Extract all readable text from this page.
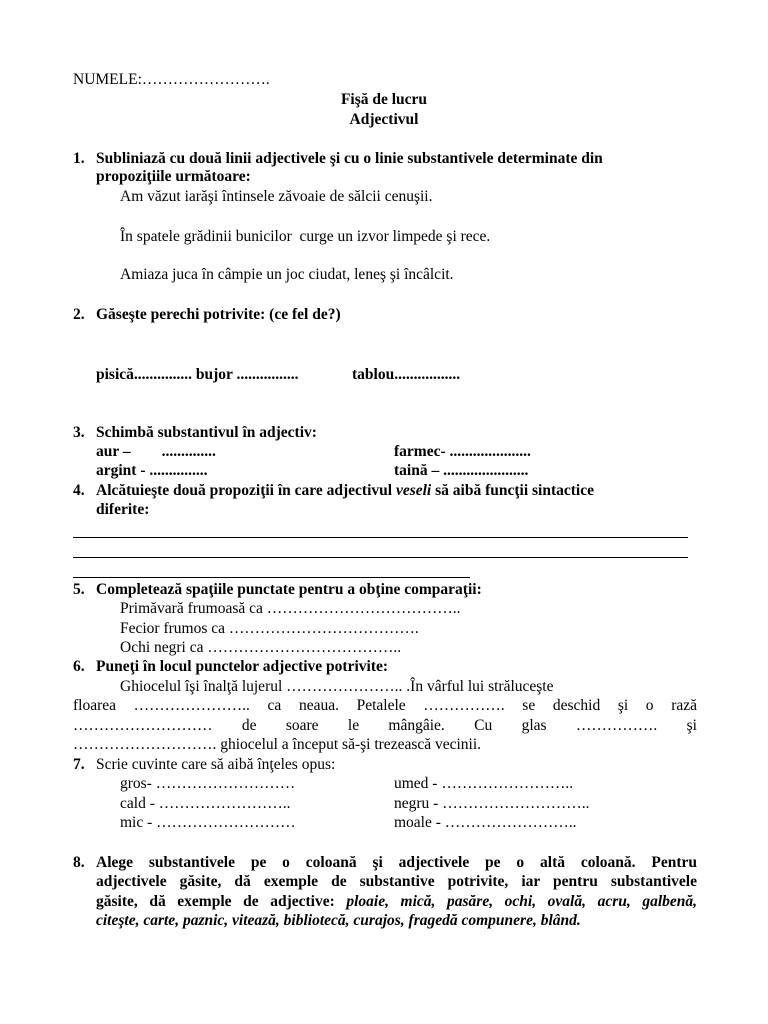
NUMELE:…………………….
Fişă de lucru
Adjectivul
1. Subliniază cu două linii adjectivele şi cu o linie substantivele determinate din
propoziţiile următoare:
Am văzut iarăşi întinsele zăvoaie de sălcii cenuşii.
În spatele grădinii bunicilor  curge un izvor limpede şi rece.
Amiaza juca în câmpie un joc ciudat, leneş şi încâlcit.
2. Găseşte perechi potrivite: (ce fel de?)
pisică............... bujor ................	tablou.................
3. Schimbă substantivul în adjectiv:
aur –        ..............	farmec- .....................
argint - ...............	taină – ......................
4. Alcătuieşte două propoziţii în care adjectivul veseli să aibă funcţii sintactice
diferite:
5. Completează spaţiile punctate pentru a obţine comparaţii:
Primăvară frumoasă ca ………………………………..
Fecior frumos ca ……………………………….
Ochi negri ca ………………………………..
6. Puneţi în locul punctelor adjective potrivite:
Ghiocelul îşi înalţă lujerul ………………….. .În vârful lui străluceşte
floarea ………………….. ca neaua. Petalele ……………. se deschid şi o rază
……………………… de soare le mângâie. Cu glas ……………. şi
………………………. ghiocelul a început să-şi trezească vecinii.
7. Scrie cuvinte care să aibă înţeles opus:
gros- ………………………	umed - ……………………..
cald - ……………………..	negru - ………………………..
mic - ………………………	moale - ……………………..
8. Alege substantivele pe o coloană şi adjectivele pe o altă coloană. Pentru
adjectivele găsite, dă exemple de substantive potrivite, iar pentru substantivele
găsite, dă exemple de adjective: ploaie, mică, pasăre, ochi, ovală, acru, galbenă,
citeşte, carte, paznic, vitează, bibliotecă, curajos, fragedă compunere, blând.
